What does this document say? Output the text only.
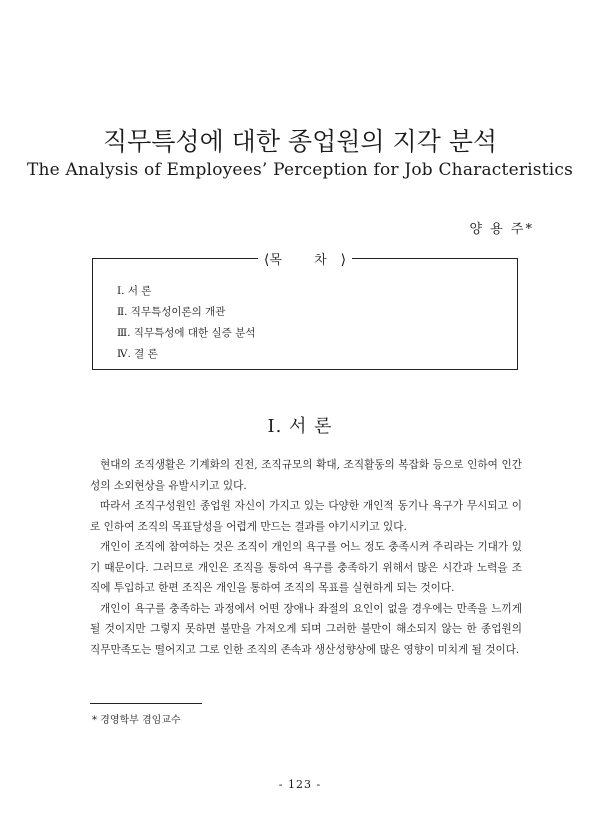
직무특성에 대한 종업원의 지각 분석
The Analysis of Employees’ Perception for Job Characteristics
양 용 주*
⟨목 차⟩
Ⅰ. 서 론
Ⅱ. 직무특성이론의 개관
Ⅲ. 직무특성에 대한 실증 분석
Ⅳ. 결 론
Ⅰ. 서 론

현대의 조직생활은 기계화의 진전, 조직규모의 확대, 조직활동의 복잡화 등으로 인하여 인간성의 소외현상을 유발시키고 있다.

따라서 조직구성원인 종업원 자신이 가지고 있는 다양한 개인적 동기나 욕구가 무시되고 이로 인하여 조직의 목표달성을 어렵게 만드는 결과를 야기시키고 있다.

개인이 조직에 참여하는 것은 조직이 개인의 욕구를 어느 정도 충족시켜 주리라는 기대가 있기 때문이다. 그러므로 개인은 조직을 통하여 욕구를 충족하기 위해서 많은 시간과 노력을 조직에 투입하고 한편 조직은 개인을 통하여 조직의 목표를 실현하게 되는 것이다.

개인이 욕구를 충족하는 과정에서 어떤 장애나 좌절의 요인이 없을 경우에는 만족을 느끼게 될 것이지만 그렇지 못하면 불만을 가져오게 되며 그러한 불만이 해소되지 않는 한 종업원의 직무만족도는 떨어지고 그로 인한 조직의 존속과 생산성향상에 많은 영향이 미치게 될 것이다.

* 경영학부 겸임교수
- 123 -
